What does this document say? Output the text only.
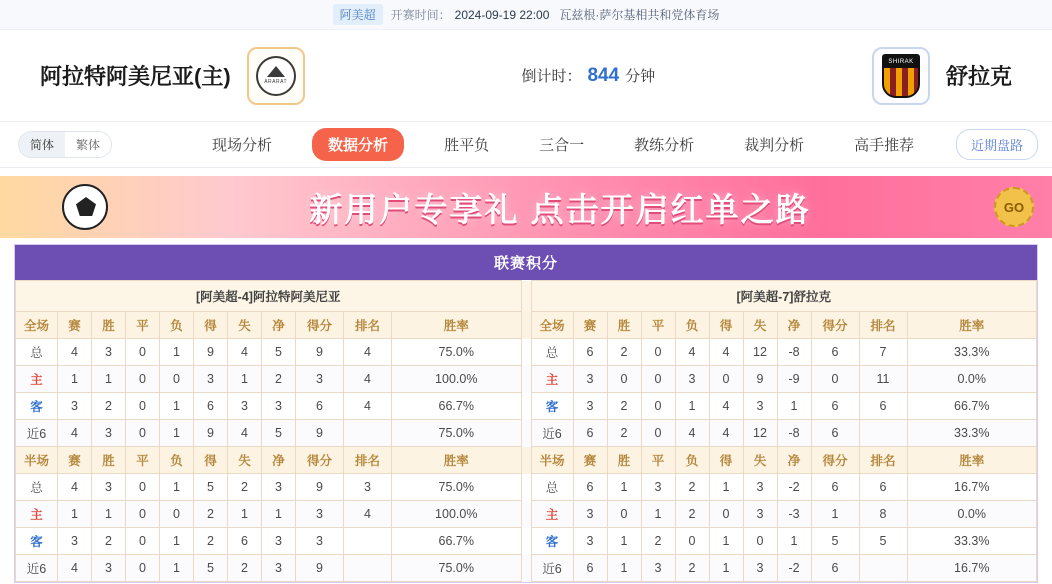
阿美超	开赛时间： 2024-09-19 22:00 瓦兹根·萨尔基相共和党体育场
阿拉特阿美尼亚(主)	ARARAT	倒计时： 844 分钟
SHIRAK
舒拉克
简体	繁体	现场分析	数据分析	胜平负	三合一	教练分析	裁判分析	高手推荐	近期盘路
新用户专享礼 点击开启红单之路	GO
联赛积分
[阿美超-4]阿拉特阿美尼亚												[阿美超-7]舒拉克										
全场	赛	胜	平	负	得	失	净	得分	排名	胜率		全场	赛	胜	平	负	得	失	净	得分	排名	胜率
总	4	3	0	1	9	4	5	9	4	75.0%		总	6	2	0	4	4	12	-8	6	7	33.3%
主	1	1	0	0	3	1	2	3	4	100.0%		主	3	0	0	3	0	9	-9	0	11	0.0%
客	3	2	0	1	6	3	3	6	4	66.7%		客	3	2	0	1	4	3	1	6	6	66.7%
近6	4	3	0	1	9	4	5	9		75.0%		近6	6	2	0	4	4	12	-8	6		33.3%
半场	赛	胜	平	负	得	失	净	得分	排名	胜率		半场	赛	胜	平	负	得	失	净	得分	排名	胜率
总	4	3	0	1	5	2	3	9	3	75.0%		总	6	1	3	2	1	3	-2	6	6	16.7%
主	1	1	0	0	2	1	1	3	4	100.0%		主	3	0	1	2	0	3	-3	1	8	0.0%
客	3	2	0	1	2	6	3	3		66.7%		客	3	1	2	0	1	0	1	5	5	33.3%
近6	4	3	0	1	5	2	3	9		75.0%		近6	6	1	3	2	1	3	-2	6		16.7%
